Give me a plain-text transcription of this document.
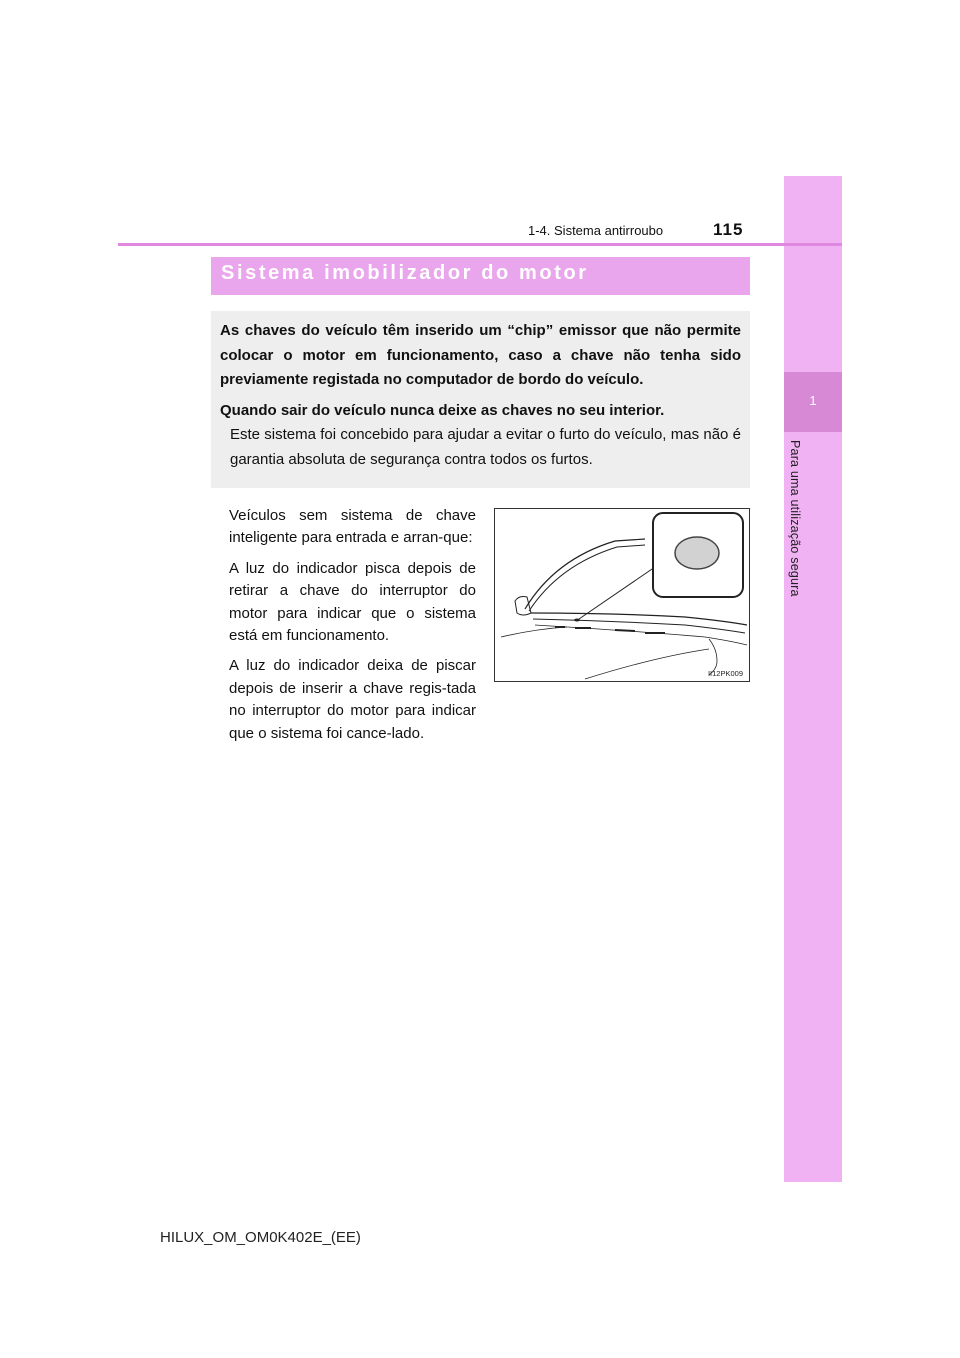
1
Para uma utilização segura
1-4. Sistema antirroubo	115
Sistema imobilizador do motor

As chaves do veículo têm inserido um “chip” emissor que não permite colocar o motor em funcionamento, caso a chave não tenha sido previamente registada no computador de bordo do veículo.

Quando sair do veículo nunca deixe as chaves no seu interior.

Este sistema foi concebido para ajudar a evitar o furto do veículo, mas não é garantia absoluta de segurança contra todos os furtos.

Veículos sem sistema de chave inteligente para entrada e arran-que:

A luz do indicador pisca depois de retirar a chave do interruptor do motor para indicar que o sistema está em funcionamento.

A luz do indicador deixa de piscar depois de inserir a chave regis-tada no interruptor do motor para indicar que o sistema foi cance-lado.

II12PK009
HILUX_OM_OM0K402E_(EE)
